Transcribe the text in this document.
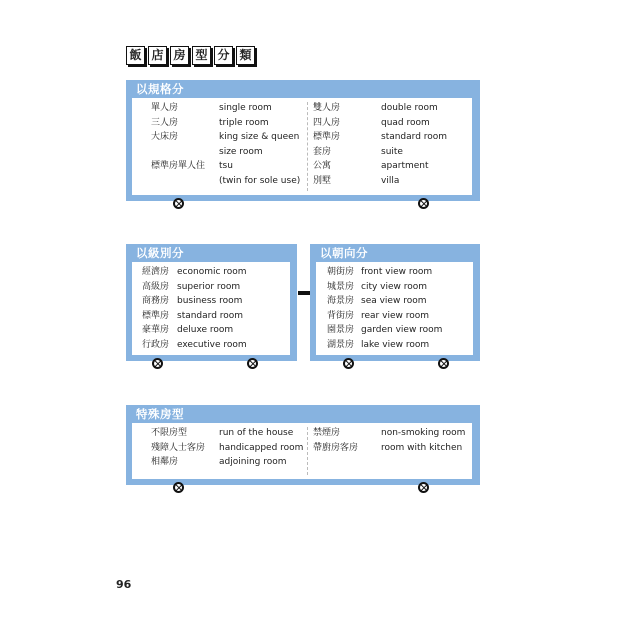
飯 店 房 型 分 類
以規格分
單人房	single room
三人房	triple room
大床房	king size & queen
size room
標準房單人住 tsu
(twin for sole use)
雙人房	double room
四人房	quad room
標準房	standard room
套房	suite
公寓	apartment
別墅	villa
以級別分
經濟房 economic room
高級房 superior room
商務房 business room
標準房 standard room
豪華房 deluxe room
行政房 executive room
以朝向分
朝街房 front view room
城景房 city view room
海景房 sea view room
背街房 rear view room
園景房 garden view room
湖景房 lake view room
特殊房型
不限房型	run of the house
殘障人士客房 handicapped room
相鄰房	adjoining room
禁煙房	non-smoking room
帶廚房客房	room with kitchen
96
